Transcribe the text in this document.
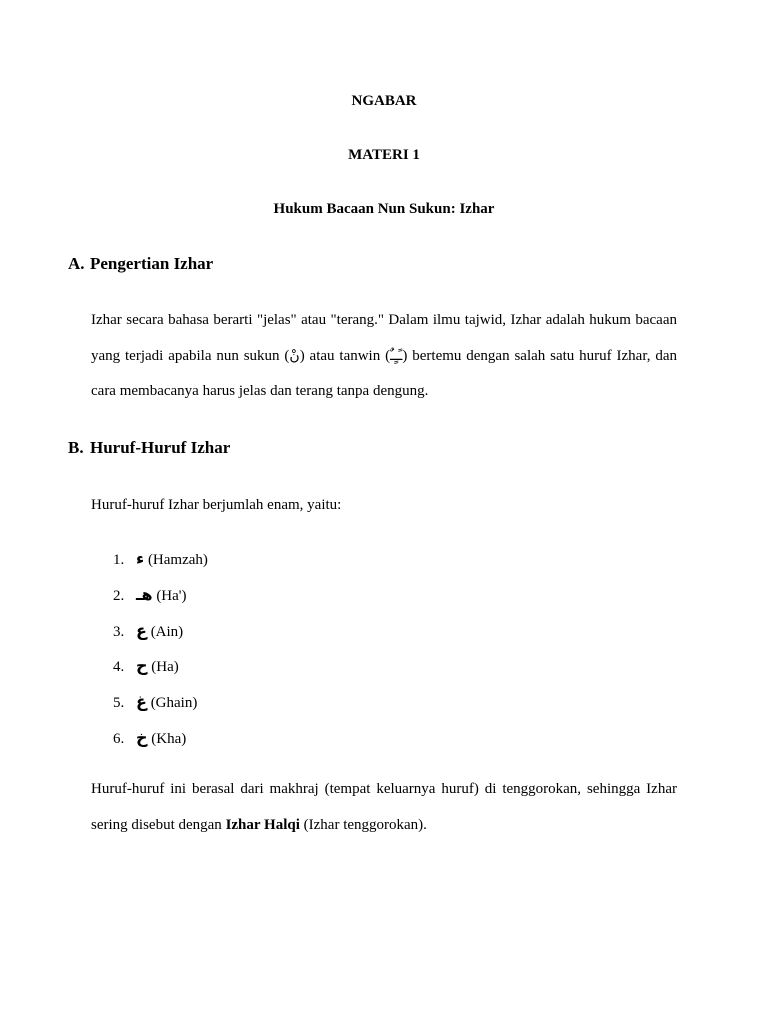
NGABAR
MATERI 1
Hukum Bacaan Nun Sukun: Izhar
A. Pengertian Izhar
Izhar secara bahasa berarti "jelas" atau "terang." Dalam ilmu tajwid, Izhar adalah hukum bacaan yang terjadi apabila nun sukun (نْ) atau tanwin (ـًـٍـٌ) bertemu dengan salah satu huruf Izhar, dan cara membacanya harus jelas dan terang tanpa dengung.
B. Huruf-Huruf Izhar
Huruf-huruf Izhar berjumlah enam, yaitu:
1. ء (Hamzah)
2. هـ (Ha')
3. ع (Ain)
4. ح (Ha)
5. غ (Ghain)
6. خ (Kha)
Huruf-huruf ini berasal dari makhraj (tempat keluarnya huruf) di tenggorokan, sehingga Izhar sering disebut dengan Izhar Halqi (Izhar tenggorokan).
